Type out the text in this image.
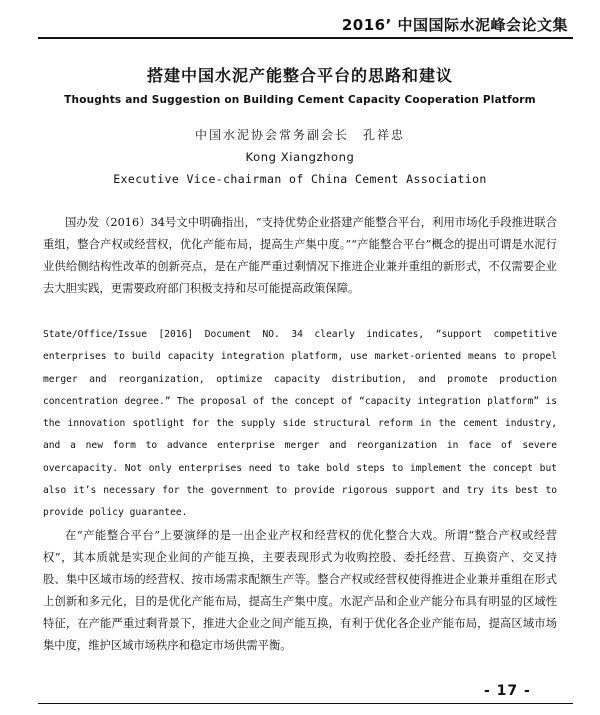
2016’ 中国国际水泥峰会论文集
搭建中国水泥产能整合平台的思路和建议
Thoughts and Suggestion on Building Cement Capacity Cooperation Platform
中国水泥协会常务副会长　孔祥忠
Kong Xiangzhong
Executive Vice-chairman of China Cement Association

国办发（2016）34号文中明确指出，“支持优势企业搭建产能整合平台，利用市场化手段推进联合重组，整合产权或经营权，优化产能布局，提高生产集中度。”“产能整合平台”概念的提出可谓是水泥行业供给侧结构性改革的创新亮点，是在产能严重过剩情况下推进企业兼并重组的新形式，不仅需要企业去大胆实践，更需要政府部门积极支持和尽可能提高政策保障。

State/Office/Issue [2016] Document NO. 34 clearly indicates, “support competitive enterprises to build capacity integration platform, use market-oriented means to propel merger and reorganization, optimize capacity distribution, and promote production concentration degree.” The proposal of the concept of “capacity integration platform” is the innovation spotlight for the supply side structural reform in the cement industry, and a new form to advance enterprise merger and reorganization in face of severe overcapacity. Not only enterprises need to take bold steps to implement the concept but also it’s necessary for the government to provide rigorous support and try its best to provide policy guarantee.

在“产能整合平台”上要演绎的是一出企业产权和经营权的优化整合大戏。所谓“整合产权或经营权”，其本质就是实现企业间的产能互换，主要表现形式为收购控股、委托经营、互换资产、交叉持股、集中区域市场的经营权、按市场需求配额生产等。整合产权或经营权使得推进企业兼并重组在形式上创新和多元化，目的是优化产能布局，提高生产集中度。水泥产品和企业产能分布具有明显的区域性特征，在产能严重过剩背景下，推进大企业之间产能互换，有利于优化各企业产能布局，提高区域市场集中度，维护区域市场秩序和稳定市场供需平衡。

- 17 -
